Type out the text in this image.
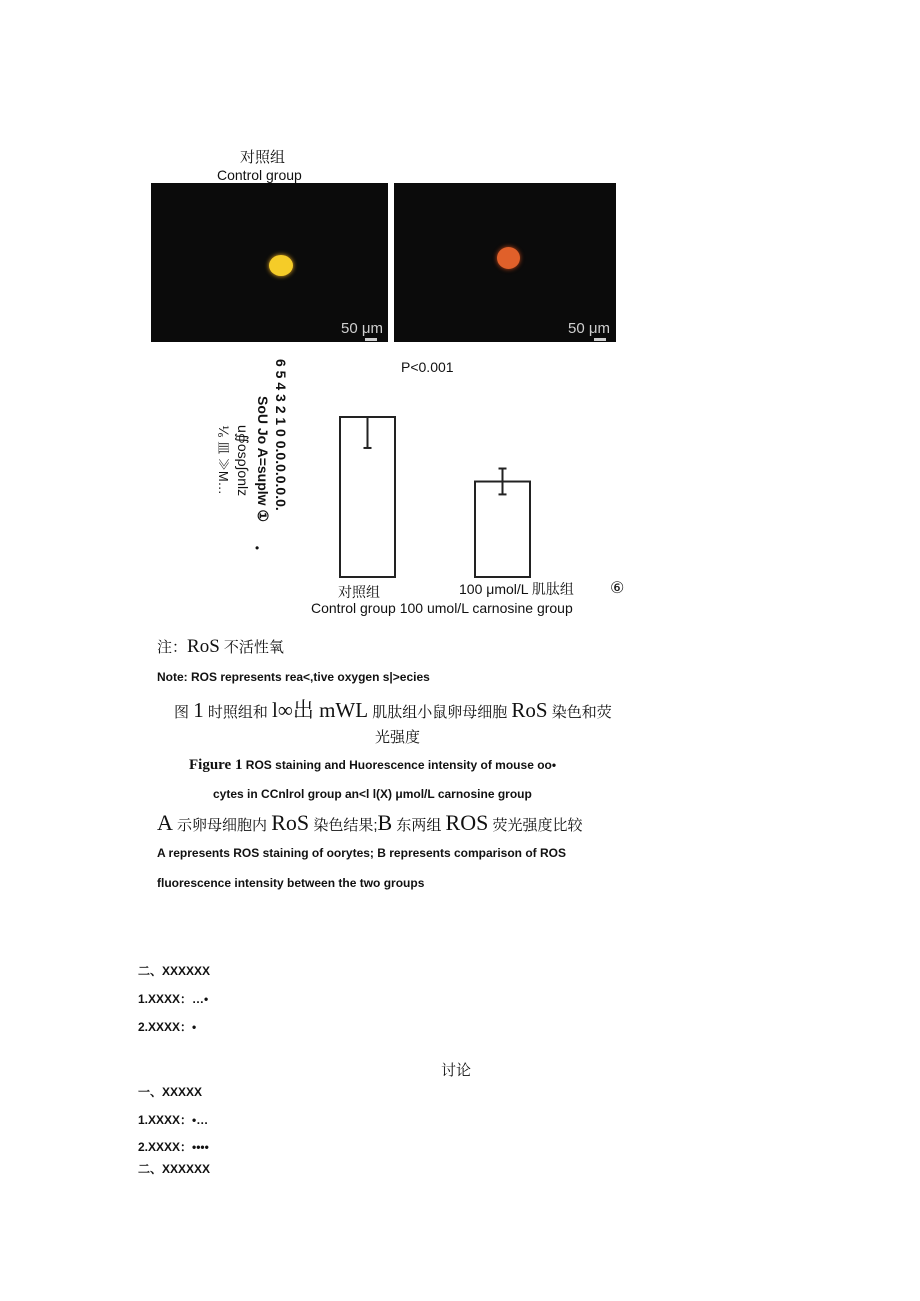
对照组
Control group
50 μm	50 μm
P<0.001
6 5 4 3 2 1 0 0.0.0.0.0.0.
SoU Jo A=suplw ①
u∯osρ∫onlz
⅟₆ 皿 ≫M…
•
对照组	100 μmol/L 肌肽组 ⑥
Control group 100 umol/L carnosine group
注：RoS 不活性氧
Note: ROS represents rea<,tive oxygen s|>ecies
图 1 时照组和 l∞出 mWL 肌肽组小鼠卵母细胞 RoS 染色和荧
光强度
Figure 1 ROS staining and Huorescence intensity of mouse oo•
cytes in CCnlrol group an<l l(X) μmol/L carnosine group
A 示卵母细胞内 RoS 染色结果;B 东两组 ROS 荧光强度比较
A represents ROS staining of oorytes; B represents comparison of ROS
fluorescence intensity between the two groups
二、XXXXXX
1.XXXX：…•
2.XXXX：•
讨论
一、XXXXX
1.XXXX：•…
2.XXXX：••••
二、XXXXXX
